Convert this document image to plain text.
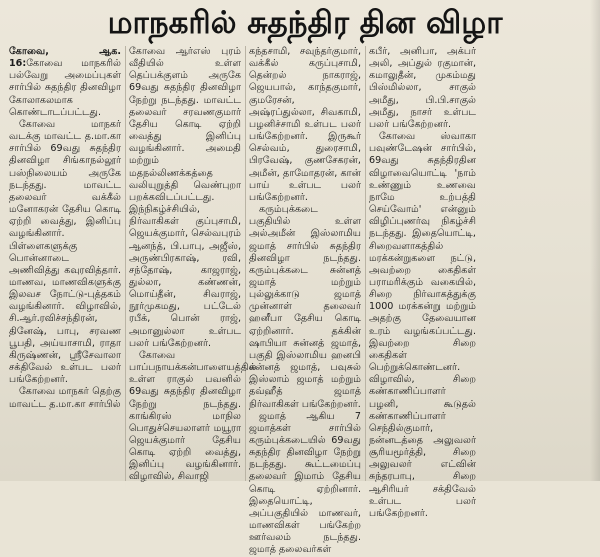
மாநகரில் சுதந்திர தின விழா

கோவை, ஆக. 16:கோவை மாநகரில் பல்வேறு அமைப்புகள் சார்பில் சுதந்திர தினவிழா கோலாகலமாக கொண்டாடப்பட்டது.

கோவை மாநகர் வடக்கு மாவட்ட த.மா.கா சார்பில் 69வது சுதந்திர தினவிழா சிங்காநல்லூர் பஸ்நிலையம் அருகே நடந்தது. மாவட்ட தலைவர் வக்கீல் மனோகரன் தேசிய கொடி ஏற்றி வைத்து, இனிப்பு வழங்கினார். பிள்ளைகளுக்கு பொன்னாடை அணிவித்து கவுரவித்தார். மாணவ, மாணவிகளுக்கு இலவச நோட்டு-புத்தகம் வழங்கினார். விழாவில், சி.ஆர்.ரவிச்சந்திரன், தினேஷ், பாபு, சரவண பூபதி, அய்யாசாமி, ராதா கிருஷ்ணன், ஸ்ரீசேவாலா சக்திவேல் உள்பட பலர் பங்கேற்றனர்.

கோவை மாநகர் தெற்கு மாவட்ட த.மா.கா சார்பில்

கோவை ஆர்எஸ் புரம் வீதியில் உள்ள தெப்பக்குளம் அருகே 69வது சுதந்திர தினவிழா நேற்று நடந்தது. மாவட்ட தலைவர் சரவணகுமார் தேசிய கொடி ஏற்றி வைத்து இனிப்பு வழங்கினார். அமைதி மற்றும் மதநல்லிணக்கத்தை வலியுறுத்தி வெண்புறா பறக்கவிடப்பட்டது. இந்நிகழ்ச்சியில், நிர்வாகிகள் குப்புசாமி, ஜெயக்குமார், செல்வபுரம் ஆனந்த், பி.பாபு, அஜீஸ், அருண்பிரகாஷ், ரவி, சந்தோஷ், காஜராஜ், துல்லா, கண்ணன், மொய்தீன், சிவராஜ், நூர்முகமது, பட்டேல் ரபீக், பொன் ராஜ், அமானுல்லா உள்பட பலர் பங்கேற்றனர்.

கோவை பாப்பநாயக்கன்பாளையத்தில் உள்ள ராகுல் பவனில் 69வது சுதந்திர தினவிழா நேற்று நடந்தது. காங்கிரஸ் மாநில பொதுச்செயலாளர் மயூரா ஜெயக்குமார் தேசிய கொடி ஏற்றி வைத்து, இனிப்பு வழங்கினார். விழாவில், சிவாஜி

கந்தசாமி, சவுந்தர்குமார், வக்கீல் கருப்புசாமி, தென்றல் நாகராஜ், ஜெயபால், காந்தகுமார், குமரேசன், அஷ்ரப்துல்லா, சிவகாமி, பழனிச்சாமி உள்பட பலர் பங்கேற்றனர். இருகூர் செல்வம், துரைசாமி, பிரவேஷ், குணசேகரன், அமீன், தாமோதரன், கான் பாய் உள்பட பலர் பங்கேற்றனர்.

கரும்புக்கடை பகுதியில் உள்ள அல்அமீன் இஸ்லாமிய ஜமாத் சார்பில் சுதந்திர தினவிழா நடந்தது. கரும்புக்கடை சுன்னத் ஜமாத் மற்றும் புல்லுக்காடு ஜமாத் முன்னாள் தலைவர் ஹனீபா தேசிய கொடி ஏற்றினார். தக்கின் ஷாபியா சுன்னத் ஜமாத், பகுதி இஸ்லாமிய ஹனபி சுன்னத் ஜமாத், பவுசுல் இஸ்லாம் ஜமாத் மற்றும் தவ்ஹீத் ஜமாத் நிர்வாகிகள் பங்கேற்றனர்.

ஜமாத் ஆகிய 7 ஜமாத்கள் சார்பில் கரும்புக்கடையில் 69வது சுதந்திர தினவிழா நேற்று நடந்தது. கூட்டமைப்பு தலைவர் இமாம் தேசிய கொடி ஏற்றினார். இதையொட்டி, அப்பகுதியில் மாணவர், மாணவிகள் பங்கேற்ற ஊர்வலம் நடந்தது. ஜமாத் தலைவர்கள்

கபீர், அனிபா, அக்பர் அலி, அப்துல் ரகுமான், கமாலுதீன், முகம்மது பிஸ்மில்லா, சாகுல் அமீது, பி.பி.சாகுல் அமீது, நாசர் உள்பட பலர் பங்கேற்றனர்.

கோவை ஸ்வாகா பவுண்டேஷன் சார்பில், 69வது சுதந்திரதின விழாவையொட்டி 'நாம் உண்ணும் உணவை நாமே உற்பத்தி செய்வோம்' என்னும் விழிப்புணர்வு நிகழ்ச்சி நடந்தது. இதையொட்டி, சிறைவளாகத்தில் மரக்கன்றுகளை நட்டு, அவற்றை கைதிகள் பராமரிக்கும் வகையில், சிறை நிர்வாகத்துக்கு 1000 மரக்கன்று மற்றும் அதற்கு தேவையான உரம் வழங்கப்பட்டது. இவற்றை சிறை கைதிகள் பெற்றுக்கொண்டனர். விழாவில், சிறை கண்காணிப்பாளர் பழனி, கூடுதல் கண்காணிப்பாளர் செந்தில்குமார், நன்னடத்தை அலுவலர் சூரியமூர்த்தி, சிறை அலுவலர் எட்வின் சுந்தரபாபு, சிறை ஆசிரியர் சக்திவேல் உள்பட பலர் பங்கேற்றனர்.
